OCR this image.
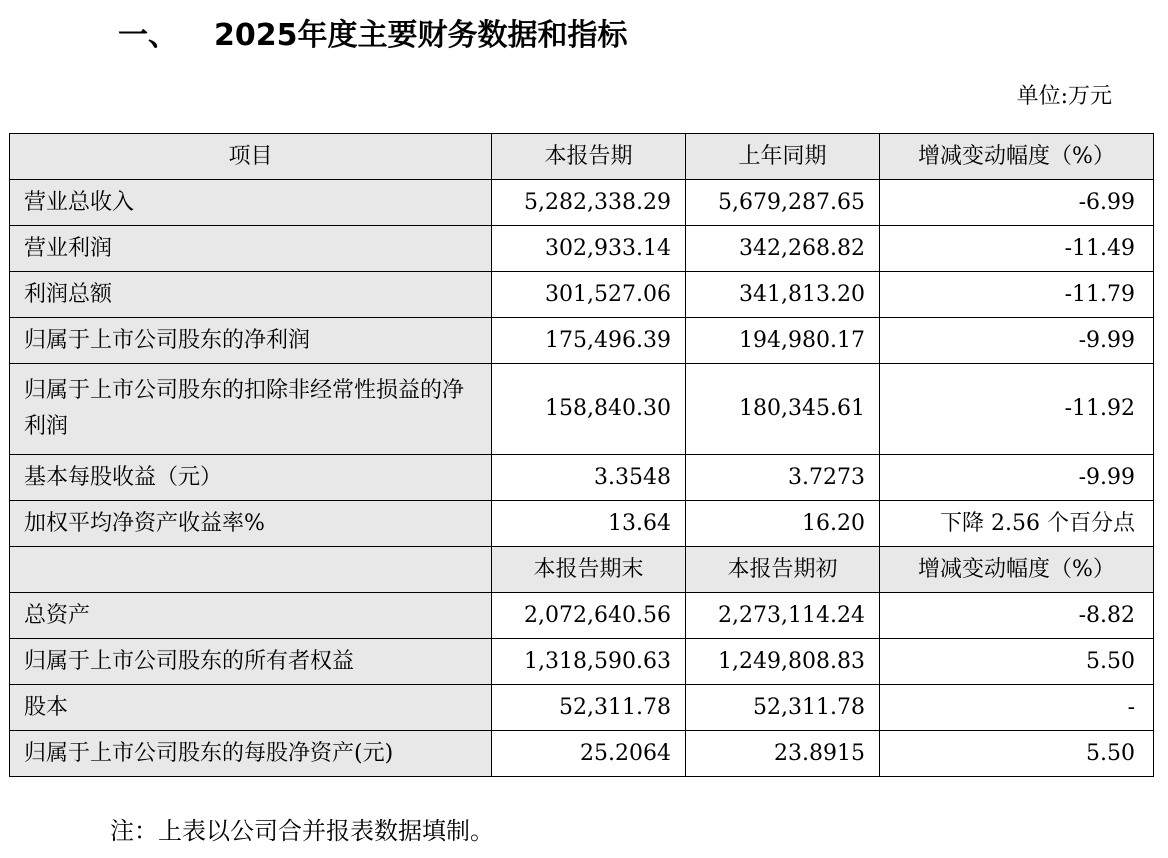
一、 2025年度主要财务数据和指标
单位:万元
项目	本报告期	上年同期	增减变动幅度（%）
营业总收入	5,282,338.29	5,679,287.65	-6.99
营业利润	302,933.14	342,268.82	-11.49
利润总额	301,527.06	341,813.20	-11.79
归属于上市公司股东的净利润	175,496.39	194,980.17	-9.99
归属于上市公司股东的扣除非经常性损益的净利润	158,840.30	180,345.61	-11.92
基本每股收益（元）	3.3548	3.7273	-9.99
加权平均净资产收益率%	13.64	16.20	下降 2.56 个百分点
	本报告期末	本报告期初	增减变动幅度（%）
总资产	2,072,640.56	2,273,114.24	-8.82
归属于上市公司股东的所有者权益	1,318,590.63	1,249,808.83	5.50
股本	52,311.78	52,311.78	-
归属于上市公司股东的每股净资产(元)	25.2064	23.8915	5.50
注：上表以公司合并报表数据填制。
